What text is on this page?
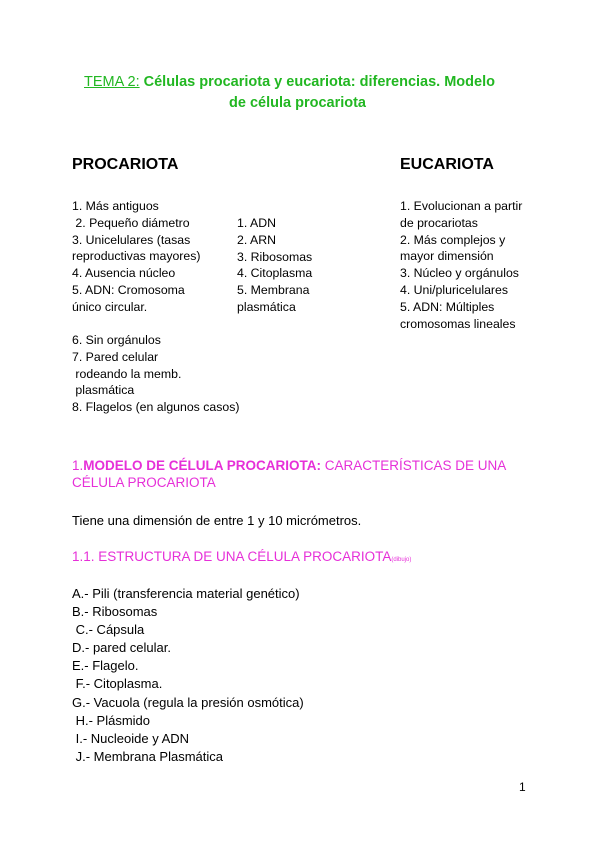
TEMA 2: Células procariota y eucariota: diferencias. Modelo
de célula procariota
PROCARIOTA	EUCARIOTA
1. Más antiguos
2. Pequeño diámetro
3. Unicelulares (tasas
reproductivas mayores)
4. Ausencia núcleo
5. ADN: Cromosoma
único circular.
6. Sin orgánulos
7. Pared celular
rodeando la memb.
plasmática
8. Flagelos (en algunos casos)
1. ADN
2. ARN
3. Ribosomas
4. Citoplasma
5. Membrana
plasmática
1. Evolucionan a partir
de procariotas
2. Más complejos y
mayor dimensión
3. Núcleo y orgánulos
4. Uni/pluricelulares
5. ADN: Múltiples
cromosomas lineales
1.MODELO DE CÉLULA PROCARIOTA: CARACTERÍSTICAS DE UNA
CÉLULA PROCARIOTA
Tiene una dimensión de entre 1 y 10 micrómetros.
1.1. ESTRUCTURA DE UNA CÉLULA PROCARIOTA(dibujo)
A.- Pili (transferencia material genético)
B.- Ribosomas
C.- Cápsula
D.- pared celular.
E.- Flagelo.
F.- Citoplasma.
G.- Vacuola (regula la presión osmótica)
H.- Plásmido
I.- Nucleoide y ADN
J.- Membrana Plasmática
1
